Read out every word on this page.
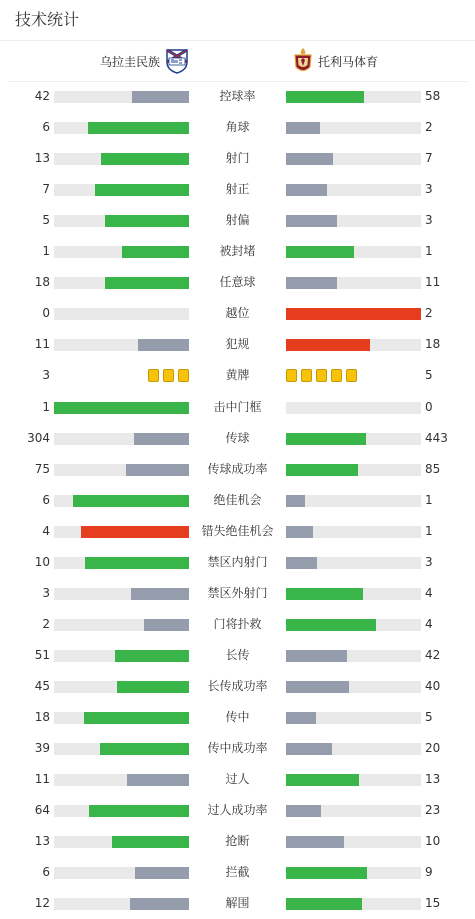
技术统计
乌拉圭民族	托利马体育
42	控球率	58
6	角球	2
13	射门	7
7	射正	3
5	射偏	3
1	被封堵	1
18	任意球	11
0	越位	2
11	犯规	18
3	黄牌	5
1	击中门框	0
304	传球	443
75	传球成功率	85
6	绝佳机会	1
4	错失绝佳机会	1
10	禁区内射门	3
3	禁区外射门	4
2	门将扑救	4
51	长传	42
45	长传成功率	40
18	传中	5
39	传中成功率	20
11	过人	13
64	过人成功率	23
13	抢断	10
6	拦截	9
12	解围	15
